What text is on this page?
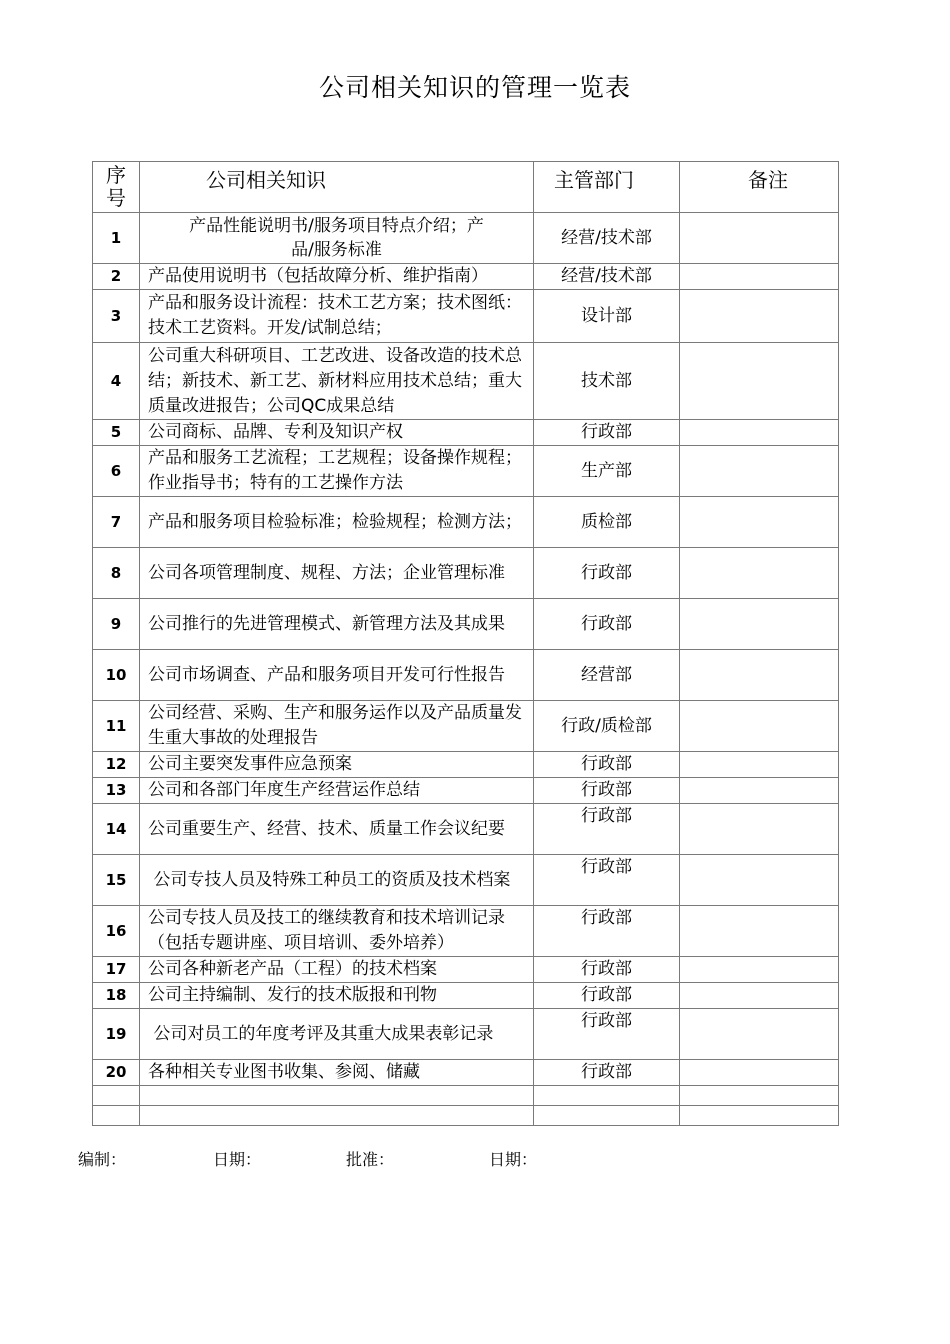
公司相关知识的管理一览表
序号	公司相关知识	主管部门	备注
1	产品性能说明书/服务项目特点介绍；产品/服务标准	经营/技术部	
2	产品使用说明书（包括故障分析、维护指南）	经营/技术部	
3	产品和服务设计流程：技术工艺方案；技术图纸：技术工艺资料。开发/试制总结；	设计部	
4	公司重大科研项目、工艺改进、设备改造的技术总结；新技术、新工艺、新材料应用技术总结；重大质量改进报告；公司QC成果总结	技术部	
5	公司商标、品牌、专利及知识产权	行政部	
6	产品和服务工艺流程；工艺规程；设备操作规程；作业指导书；特有的工艺操作方法	生产部	
7	产品和服务项目检验标准；检验规程；检测方法；	质检部	
8	公司各项管理制度、规程、方法；企业管理标准	行政部	
9	公司推行的先进管理模式、新管理方法及其成果	行政部	
10	公司市场调查、产品和服务项目开发可行性报告	经营部	
11	公司经营、采购、生产和服务运作以及产品质量发生重大事故的处理报告	行政/质检部	
12	公司主要突发事件应急预案	行政部	
13	公司和各部门年度生产经营运作总结	行政部	
14	公司重要生产、经营、技术、质量工作会议纪要	行政部	
15	公司专技人员及特殊工种员工的资质及技术档案	行政部	
16	公司专技人员及技工的继续教育和技术培训记录（包括专题讲座、项目培训、委外培养）	行政部	
17	公司各种新老产品（工程）的技术档案	行政部	
18	公司主持编制、发行的技术版报和刊物	行政部	
19	公司对员工的年度考评及其重大成果表彰记录	行政部	
20	各种相关专业图书收集、参阅、储藏	行政部	

编制：	日期：	批准：	日期：
